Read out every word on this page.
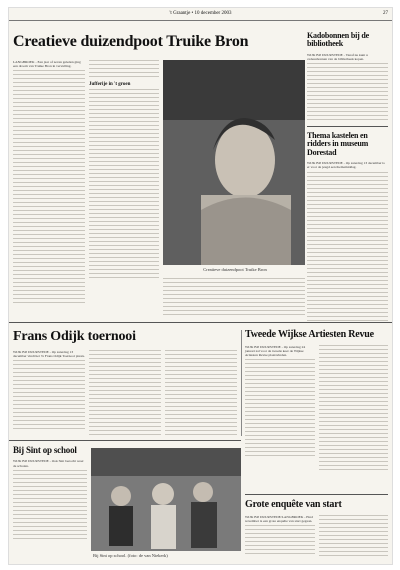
't Graantje • 10 december 2003	27
Creatieve duizendpoot Truike Bron
LANGBROEK - Een jaar of zeven geleden ging een droom van Truike Bron in vervulling.
Jufferije in 't groen
Creatieve duizendpoot Truike Bron
Kadobonnen bij de bibliotheek
WIJK BIJ DUURSTEDE - Vanaf nu kunt u cadeaubonnen van de bibliotheek kopen.
Thema kastelen en ridders in museum Dorestad
WIJK BIJ DUURSTEDE - Op zaterdag 13 december is er voor de jeugd een themamiddag.
Frans Odijk toernooi
WIJK BIJ DUURSTEDE - Op zaterdag 13 december vindt het 7e Frans Odijk Toernooi plaats.
Tweede Wijkse Artiesten Revue
WIJK BIJ DUURSTEDE - Op zaterdag 24 januari zal voor de tweede keer de Wijkse Artiesten Revue plaatsvinden.
Bij Sint op school
WIJK BIJ DUURSTEDE - Ook Sint bezocht weer de scholen.
Bij Sint op school. (foto: de van Niekerk)
Grote enquête van start
WIJK BIJ DUURSTEDE/LANGBROEK - Eind november is een grote enquête van start gegaan.
